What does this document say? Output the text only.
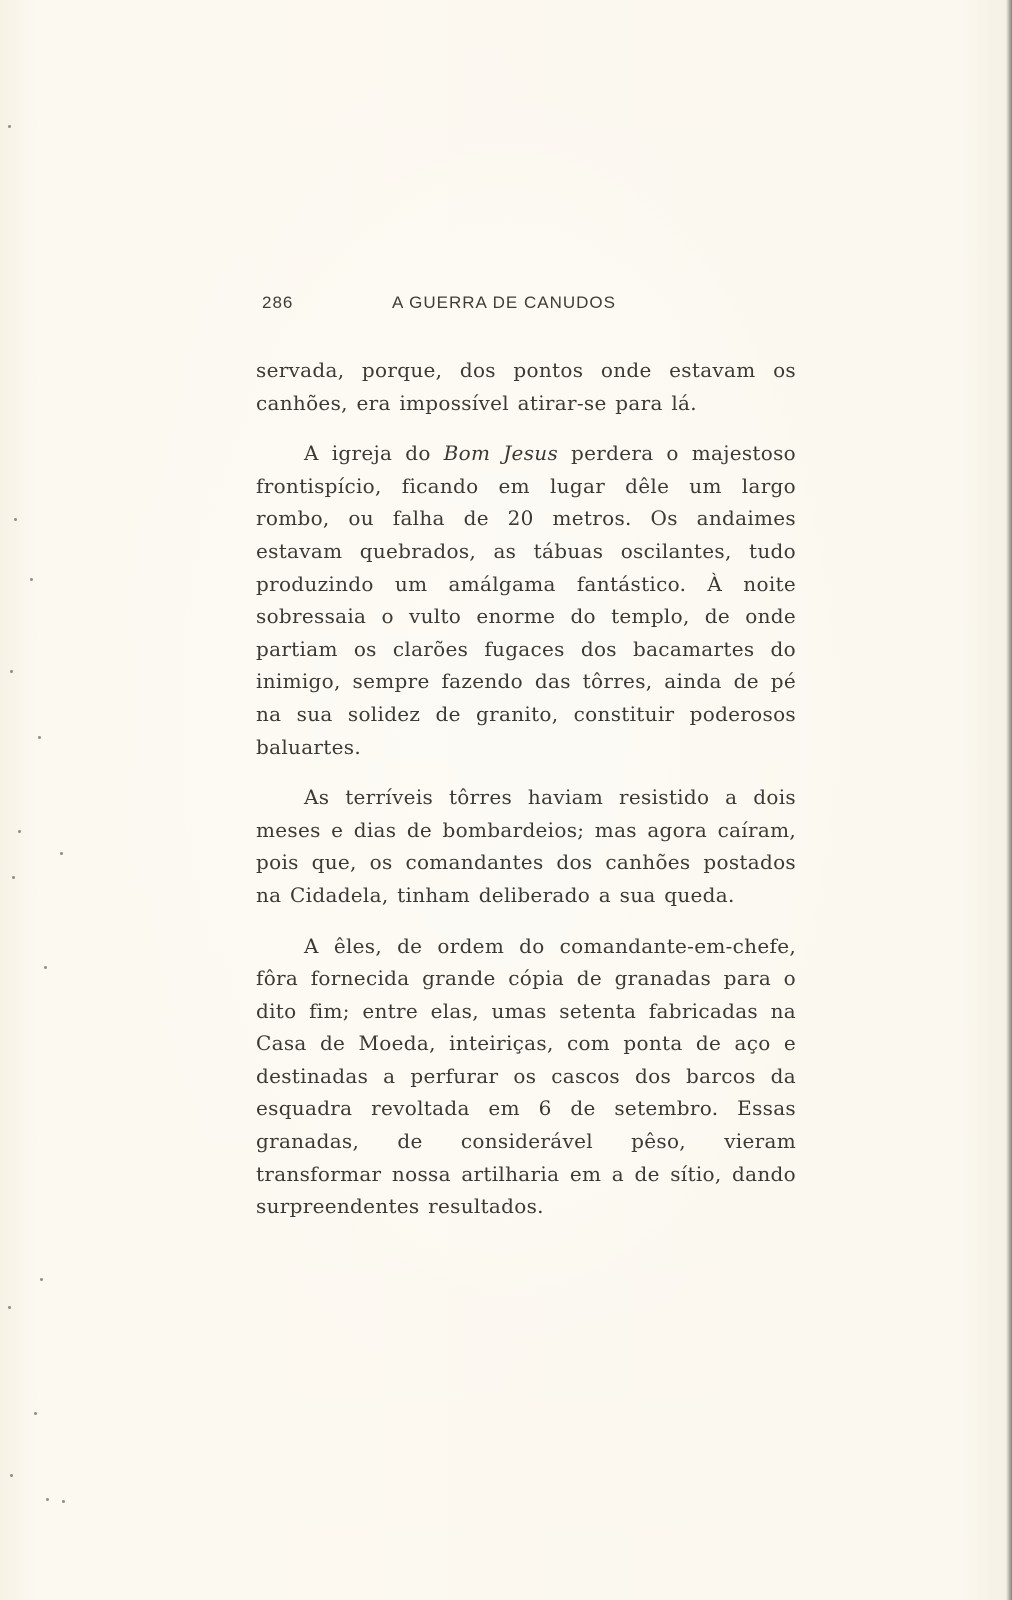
286	A GUERRA DE CANUDOS

servada, porque, dos pontos onde estavam os canhões, era impossível atirar-se para lá.

A igreja do Bom Jesus perdera o majestoso frontispício, ficando em lugar dêle um largo rombo, ou falha de 20 metros. Os andaimes estavam quebrados, as tábuas oscilantes, tudo produzindo um amálgama fantástico. À noite sobressaia o vulto enorme do templo, de onde partiam os clarões fugaces dos bacamartes do inimigo, sempre fazendo das tôrres, ainda de pé na sua solidez de granito, constituir poderosos baluartes.

As terríveis tôrres haviam resistido a dois meses e dias de bombardeios; mas agora caíram, pois que, os comandantes dos canhões postados na Cidadela, tinham deliberado a sua queda.

A êles, de ordem do comandante-em-chefe, fôra fornecida grande cópia de granadas para o dito fim; entre elas, umas setenta fabricadas na Casa de Moeda, inteiriças, com ponta de aço e destinadas a perfurar os cascos dos barcos da esquadra revoltada em 6 de setembro. Essas granadas, de considerável pêso, vieram transformar nossa artilharia em a de sítio, dando surpreendentes resultados.
